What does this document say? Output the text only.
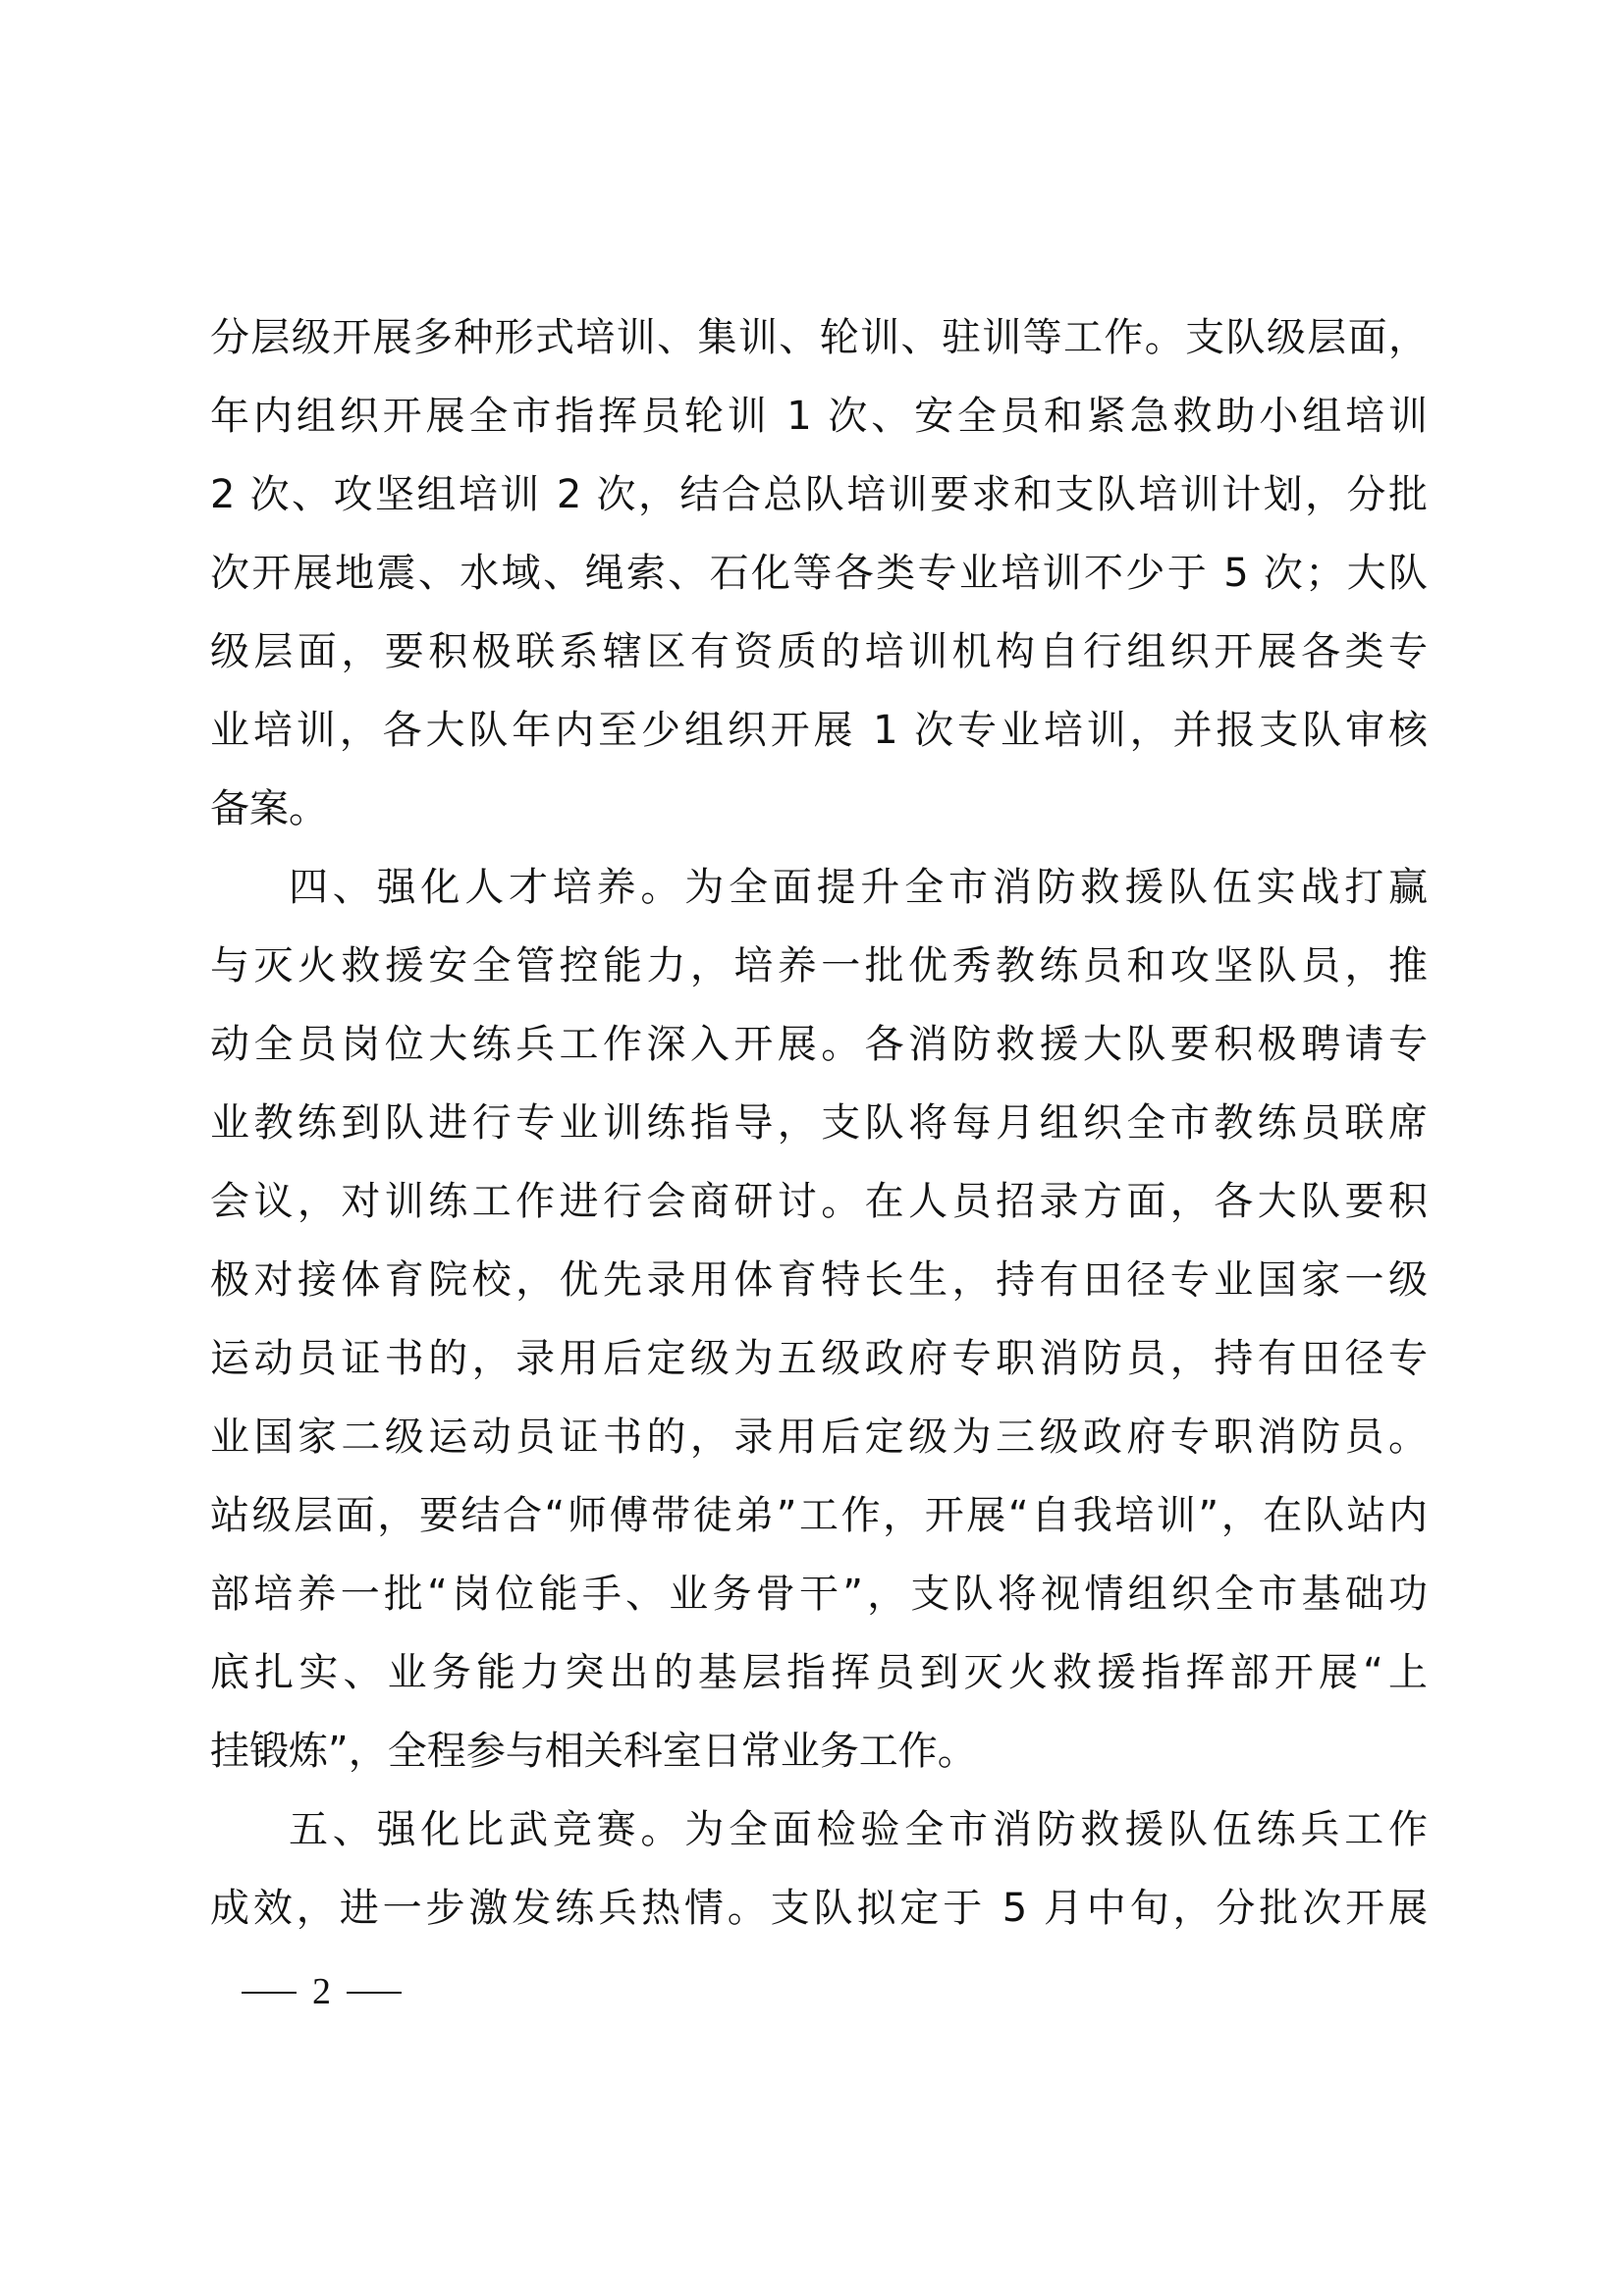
分层级开展多种形式培训、集训、轮训、驻训等工作。支队级层面，
年内组织开展全市指挥员轮训 1 次、安全员和紧急救助小组培训
2 次、攻坚组培训 2 次，结合总队培训要求和支队培训计划，分批
次开展地震、水域、绳索、石化等各类专业培训不少于 5 次；大队
级层面，要积极联系辖区有资质的培训机构自行组织开展各类专
业培训，各大队年内至少组织开展 1 次专业培训，并报支队审核
备案。
四、强化人才培养。为全面提升全市消防救援队伍实战打赢
与灭火救援安全管控能力，培养一批优秀教练员和攻坚队员，推
动全员岗位大练兵工作深入开展。各消防救援大队要积极聘请专
业教练到队进行专业训练指导，支队将每月组织全市教练员联席
会议，对训练工作进行会商研讨。在人员招录方面，各大队要积
极对接体育院校，优先录用体育特长生，持有田径专业国家一级
运动员证书的，录用后定级为五级政府专职消防员，持有田径专
业国家二级运动员证书的，录用后定级为三级政府专职消防员。
站级层面，要结合“师傅带徒弟”工作，开展“自我培训”，在队站内
部培养一批“岗位能手、业务骨干”，支队将视情组织全市基础功
底扎实、业务能力突出的基层指挥员到灭火救援指挥部开展“上
挂锻炼”，全程参与相关科室日常业务工作。
五、强化比武竞赛。为全面检验全市消防救援队伍练兵工作
成效，进一步激发练兵热情。支队拟定于 5 月中旬，分批次开展
2
